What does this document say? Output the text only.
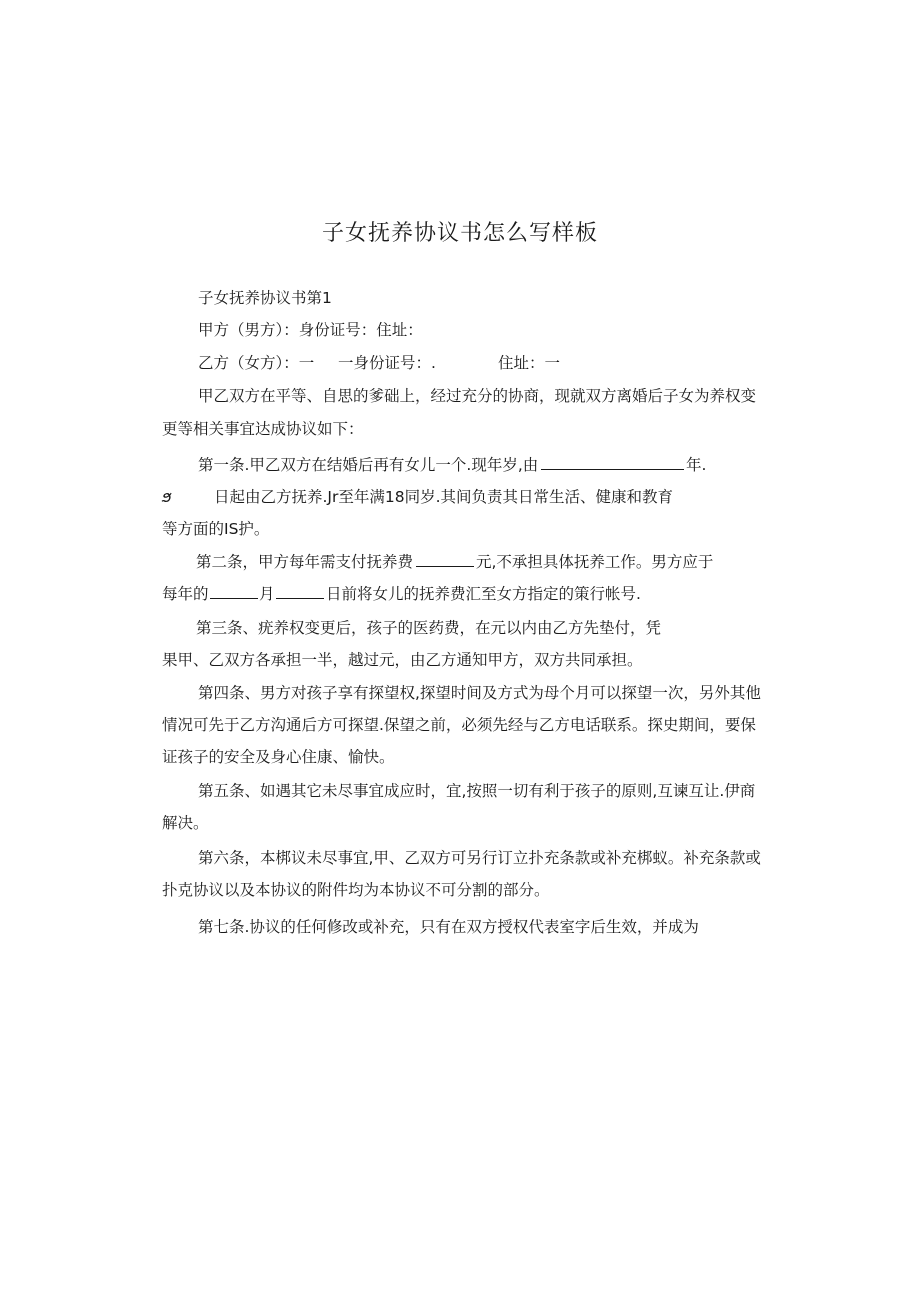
子女抚养协议书怎么写样板
子女抚养协议书第1
甲方（男方）：身份证号：住址：
乙方（女方）：一 一身份证号：.	住址：一
甲乙双方在平等、自思的爹础上，经过充分的协商，现就双方离婚后子女为养权变
更等相关事宜达成协议如下：
第一条.甲乙双方在结婚后再有女儿一个.现年岁,由	年.
ϧ	日起由乙方抚养.Jr至年满18同岁.其间负责其日常生活、健康和教育
等方面的IS护。
第二条，甲方每年需支付抚养费	元,不承担具体抚养工作。男方应于
每年的	月	日前将女儿的抚养费汇至女方指定的策行帐号.
第三条、疣养权变更后，孩子的医药费，在元以内由乙方先垫付，凭
果甲、乙双方各承担一半，越过元，由乙方通知甲方，双方共同承担。
第四条、男方对孩子享有探望权,探望时间及方式为母个月可以探望一次，另外其他
情况可先于乙方沟通后方可探望.保望之前，必须先经与乙方电话联系。探史期间，要保
证孩子的安全及身心住康、愉快。
第五条、如遇其它未尽事宜成应时，宜,按照一切有利于孩子的原则,互谏互让.伊商
解决。
第六条，本梆议未尽事宜,甲、乙双方可另行订立扑充条款或补充梆蚁。补充条款或
扑克协议以及本协议的附件均为本协议不可分割的部分。
第七条.协议的任何修改或补充，只有在双方授权代表室字后生效，并成为
